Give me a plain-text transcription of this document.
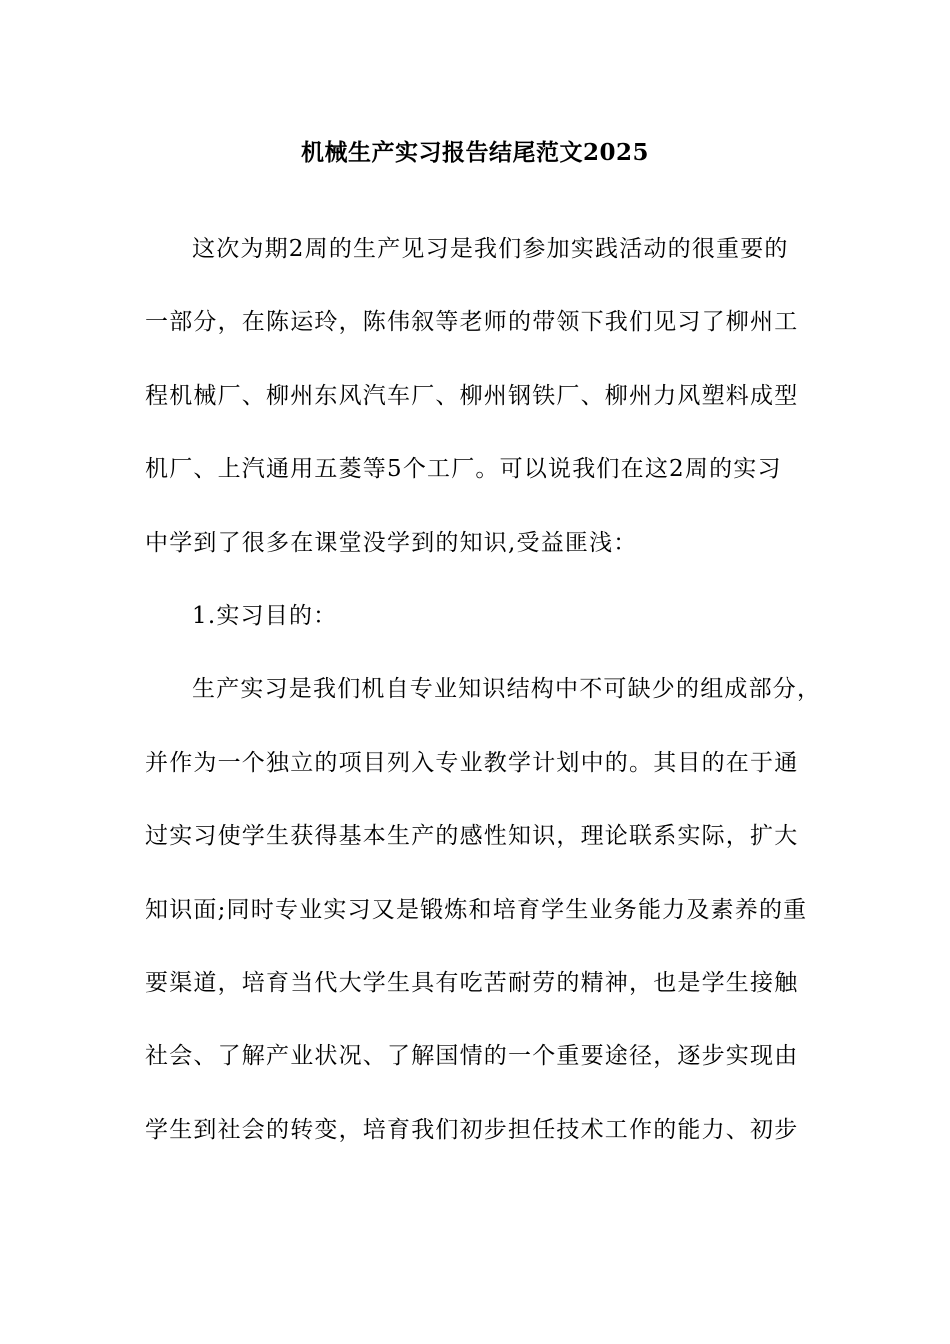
机械生产实习报告结尾范文2025
这次为期2周的生产见习是我们参加实践活动的很重要的
一部分，在陈运玲，陈伟叙等老师的带领下我们见习了柳州工
程机械厂、柳州东风汽车厂、柳州钢铁厂、柳州力风塑料成型
机厂、上汽通用五菱等5个工厂。可以说我们在这2周的实习
中学到了很多在课堂没学到的知识,受益匪浅：
1.实习目的：
生产实习是我们机自专业知识结构中不可缺少的组成部分，
并作为一个独立的项目列入专业教学计划中的。其目的在于通
过实习使学生获得基本生产的感性知识，理论联系实际，扩大
知识面;同时专业实习又是锻炼和培育学生业务能力及素养的重
要渠道，培育当代大学生具有吃苦耐劳的精神，也是学生接触
社会、了解产业状况、了解国情的一个重要途径，逐步实现由
学生到社会的转变，培育我们初步担任技术工作的能力、初步
